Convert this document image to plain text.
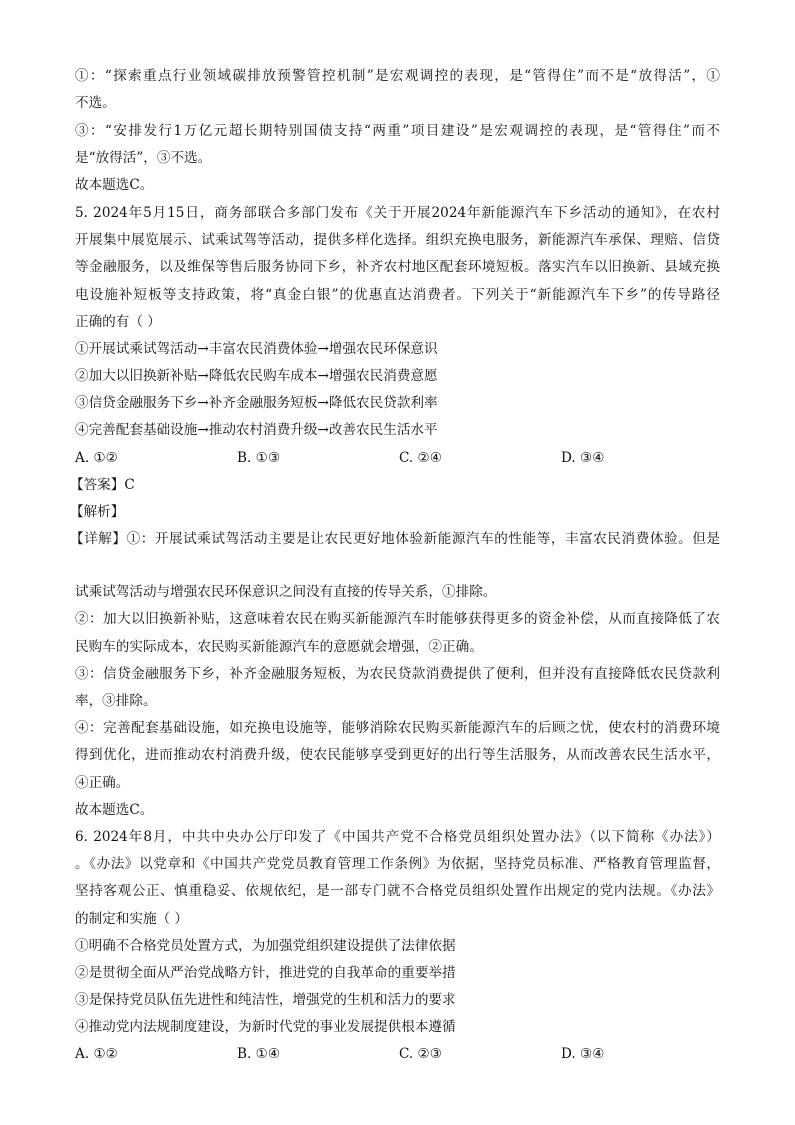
①：“探索重点行业领域碳排放预警管控机制”是宏观调控的表现，是“管得住”而不是“放得活”，①
不选。
③：“安排发行1万亿元超长期特别国债支持“两重”项目建设”是宏观调控的表现，是“管得住”而不
是“放得活”，③不选。
故本题选C。
5. 2024年5月15日，商务部联合多部门发布《关于开展2024年新能源汽车下乡活动的通知》，在农村
开展集中展览展示、试乘试驾等活动，提供多样化选择。组织充换电服务，新能源汽车承保、理赔、信贷
等金融服务，以及维保等售后服务协同下乡，补齐农村地区配套环境短板。落实汽车以旧换新、县域充换
电设施补短板等支持政策，将“真金白银”的优惠直达消费者。下列关于“新能源汽车下乡”的传导路径
正确的有（ ）
①开展试乘试驾活动→丰富农民消费体验→增强农民环保意识
②加大以旧换新补贴→降低农民购车成本→增强农民消费意愿
③信贷金融服务下乡→补齐金融服务短板→降低农民贷款利率
④完善配套基础设施→推动农村消费升级→改善农民生活水平
A. ①②	B. ①③	C. ②④	D. ③④
【答案】C
【解析】
【详解】①：开展试乘试驾活动主要是让农民更好地体验新能源汽车的性能等，丰富农民消费体验。但是
试乘试驾活动与增强农民环保意识之间没有直接的传导关系，①排除。
②：加大以旧换新补贴，这意味着农民在购买新能源汽车时能够获得更多的资金补偿，从而直接降低了农
民购车的实际成本，农民购买新能源汽车的意愿就会增强，②正确。
③：信贷金融服务下乡，补齐金融服务短板，为农民贷款消费提供了便利，但并没有直接降低农民贷款利
率，③排除。
④：完善配套基础设施，如充换电设施等，能够消除农民购买新能源汽车的后顾之忧，使农村的消费环境
得到优化，进而推动农村消费升级，使农民能够享受到更好的出行等生活服务，从而改善农民生活水平，
④正确。
故本题选C。
6. 2024年8月，中共中央办公厅印发了《中国共产党不合格党员组织处置办法》（以下简称《办法》）
。《办法》以党章和《中国共产党党员教育管理工作条例》为依据，坚持党员标准、严格教育管理监督，
坚持客观公正、慎重稳妥、依规依纪，是一部专门就不合格党员组织处置作出规定的党内法规。《办法》
的制定和实施（ ）
①明确不合格党员处置方式，为加强党组织建设提供了法律依据
②是贯彻全面从严治党战略方针，推进党的自我革命的重要举措
③是保持党员队伍先进性和纯洁性，增强党的生机和活力的要求
④推动党内法规制度建设，为新时代党的事业发展提供根本遵循
A. ①②	B. ①④	C. ②③	D. ③④
